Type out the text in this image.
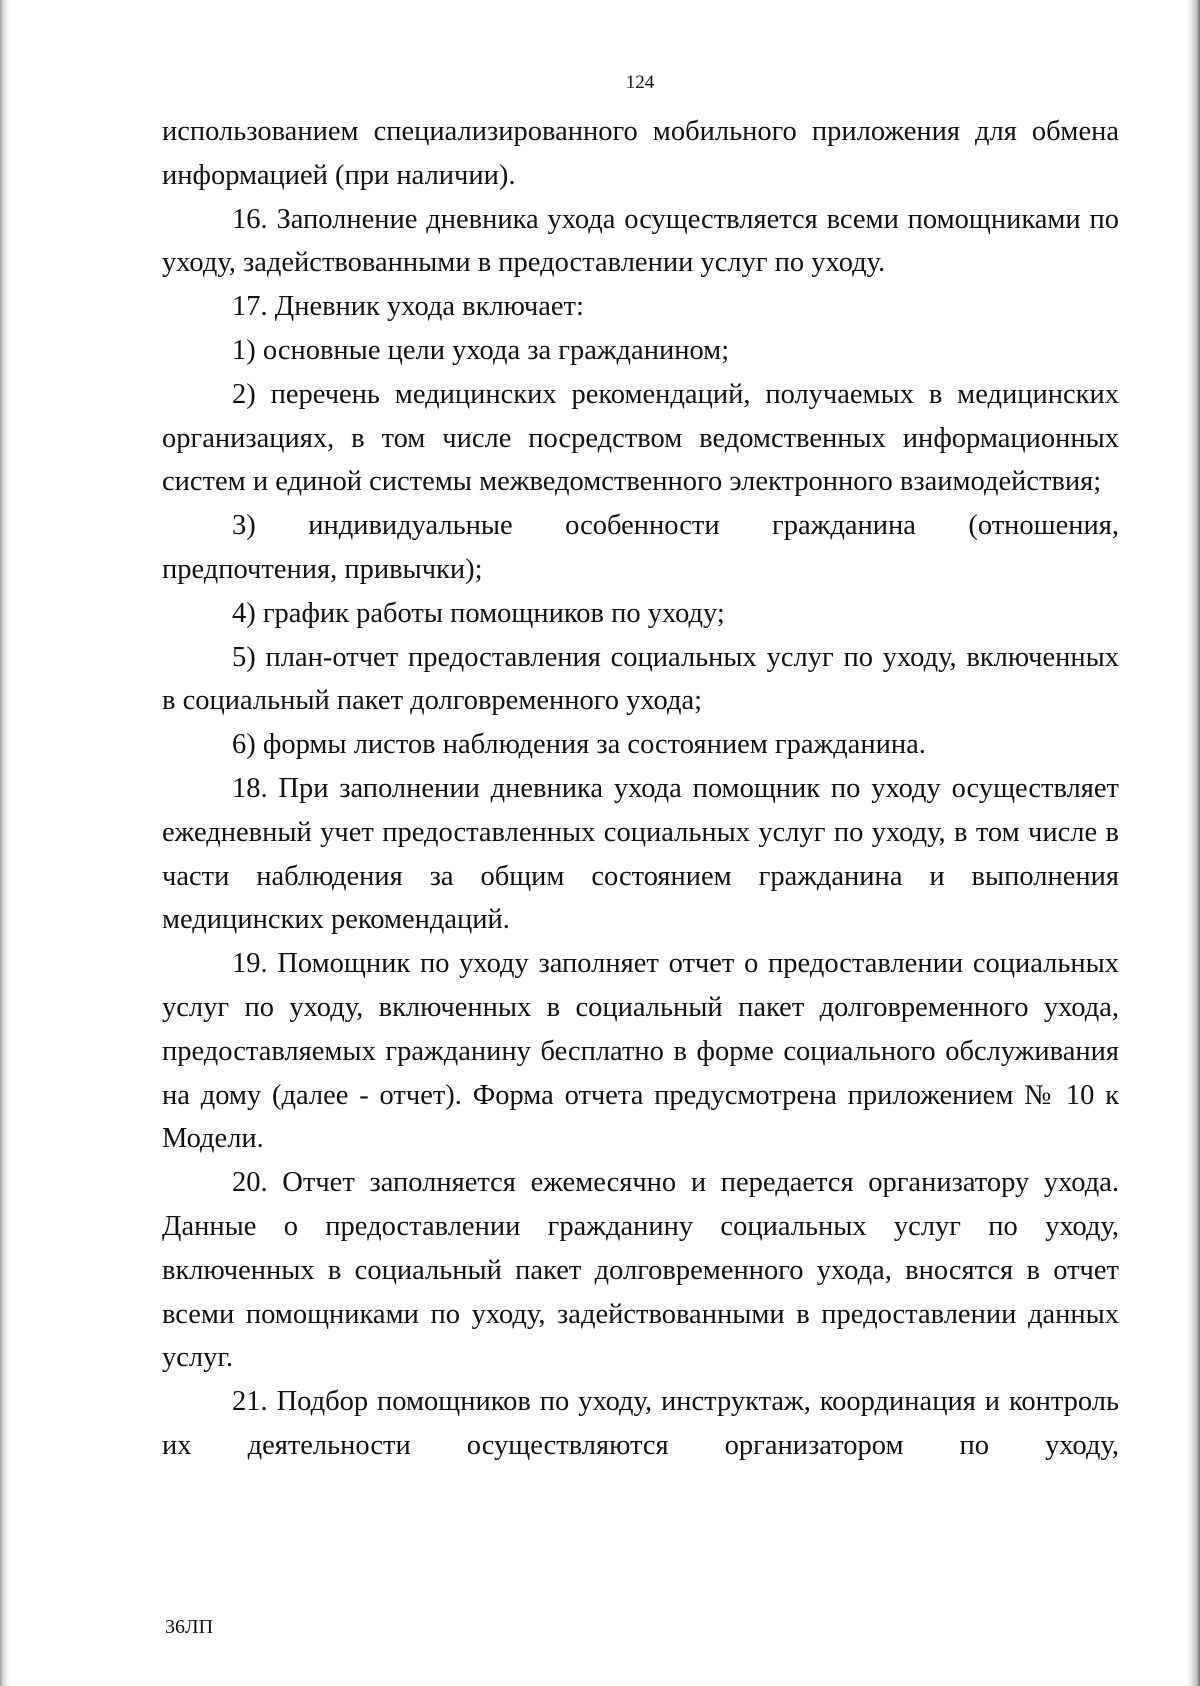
124

использованием специализированного мобильного приложения для обмена информацией (при наличии).

16. Заполнение дневника ухода осуществляется всеми помощниками по уходу, задействованными в предоставлении услуг по уходу.

17. Дневник ухода включает:

1) основные цели ухода за гражданином;

2) перечень медицинских рекомендаций, получаемых в медицинских организациях, в том числе посредством ведомственных информационных систем и единой системы межведомственного электронного взаимодействия;

3) индивидуальные особенности гражданина (отношения, предпочтения, привычки);

4) график работы помощников по уходу;

5) план-отчет предоставления социальных услуг по уходу, включенных в социальный пакет долговременного ухода;

6) формы листов наблюдения за состоянием гражданина.

18. При заполнении дневника ухода помощник по уходу осуществляет ежедневный учет предоставленных социальных услуг по уходу, в том числе в части наблюдения за общим состоянием гражданина и выполнения медицинских рекомендаций.

19. Помощник по уходу заполняет отчет о предоставлении социальных услуг по уходу, включенных в социальный пакет долговременного ухода, предоставляемых гражданину бесплатно в форме социального обслуживания на дому (далее - отчет). Форма отчета предусмотрена приложением № 10 к Модели.

20. Отчет заполняется ежемесячно и передается организатору ухода. Данные о предоставлении гражданину социальных услуг по уходу, включенных в социальный пакет долговременного ухода, вносятся в отчет всеми помощниками по уходу, задействованными в предоставлении данных услуг.

21. Подбор помощников по уходу, инструктаж, координация и контроль их деятельности осуществляются организатором по уходу,

36ЛП
